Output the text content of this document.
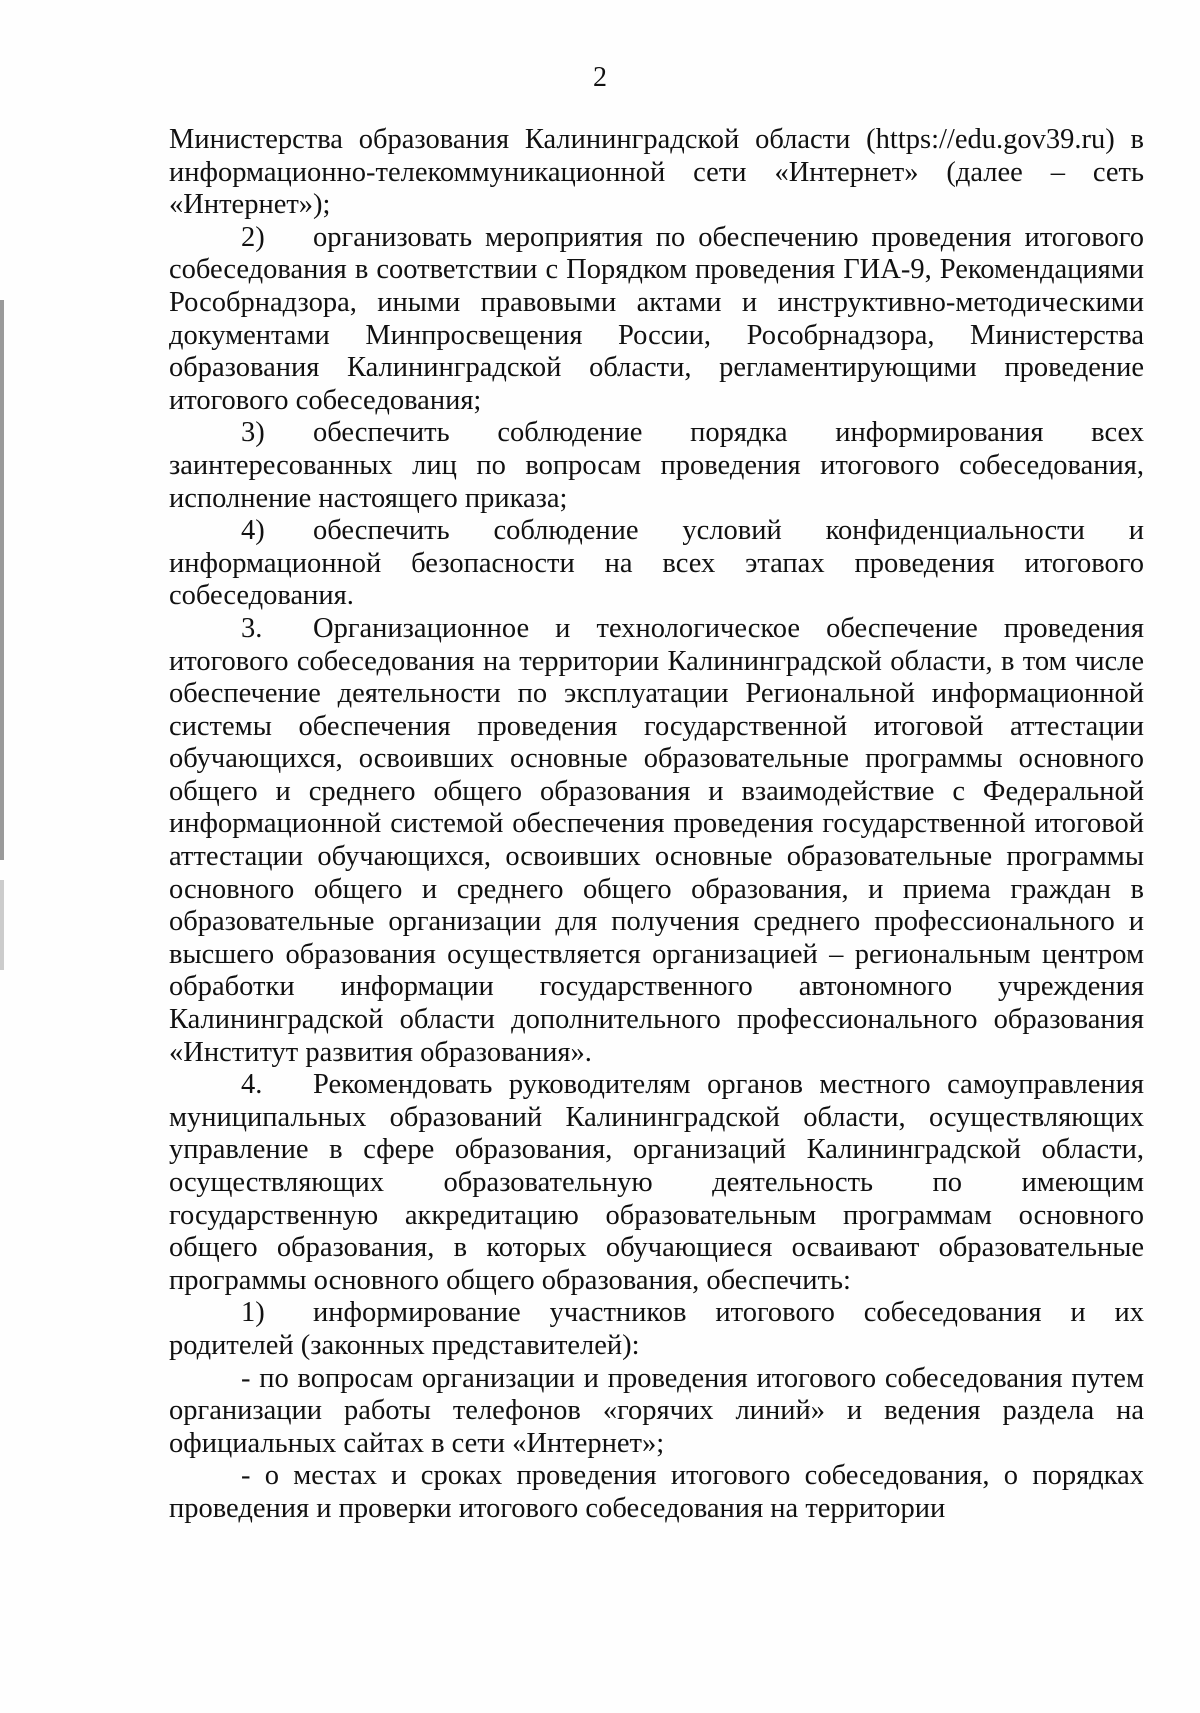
2

Министерства образования Калининградской области (https://edu.gov39.ru) в информационно-телекоммуникационной сети «Интернет» (далее – сеть «Интернет»);

2) организовать мероприятия по обеспечению проведения итогового собеседования в соответствии с Порядком проведения ГИА-9, Рекомендациями Рособрнадзора, иными правовыми актами и инструктивно-методическими документами Минпросвещения России, Рособрнадзора, Министерства образования Калининградской области, регламентирующими проведение итогового собеседования;

3) обеспечить соблюдение порядка информирования всех заинтересованных лиц по вопросам проведения итогового собеседования, исполнение настоящего приказа;

4) обеспечить соблюдение условий конфиденциальности и информационной безопасности на всех этапах проведения итогового собеседования.

3. Организационное и технологическое обеспечение проведения итогового собеседования на территории Калининградской области, в том числе обеспечение деятельности по эксплуатации Региональной информационной системы обеспечения проведения государственной итоговой аттестации обучающихся, освоивших основные образовательные программы основного общего и среднего общего образования и взаимодействие с Федеральной информационной системой обеспечения проведения государственной итоговой аттестации обучающихся, освоивших основные образовательные программы основного общего и среднего общего образования, и приема граждан в образовательные организации для получения среднего профессионального и высшего образования осуществляется организацией – региональным центром обработки информации государственного автономного учреждения Калининградской области дополнительного профессионального образования «Институт развития образования».

4. Рекомендовать руководителям органов местного самоуправления муниципальных образований Калининградской области, осуществляющих управление в сфере образования, организаций Калининградской области, осуществляющих образовательную деятельность по имеющим государственную аккредитацию образовательным программам основного общего образования, в которых обучающиеся осваивают образовательные программы основного общего образования, обеспечить:

1) информирование участников итогового собеседования и их родителей (законных представителей):

- по вопросам организации и проведения итогового собеседования путем организации работы телефонов «горячих линий» и ведения раздела на официальных сайтах в сети «Интернет»;

- о местах и сроках проведения итогового собеседования, о порядках проведения и проверки итогового собеседования на территории
